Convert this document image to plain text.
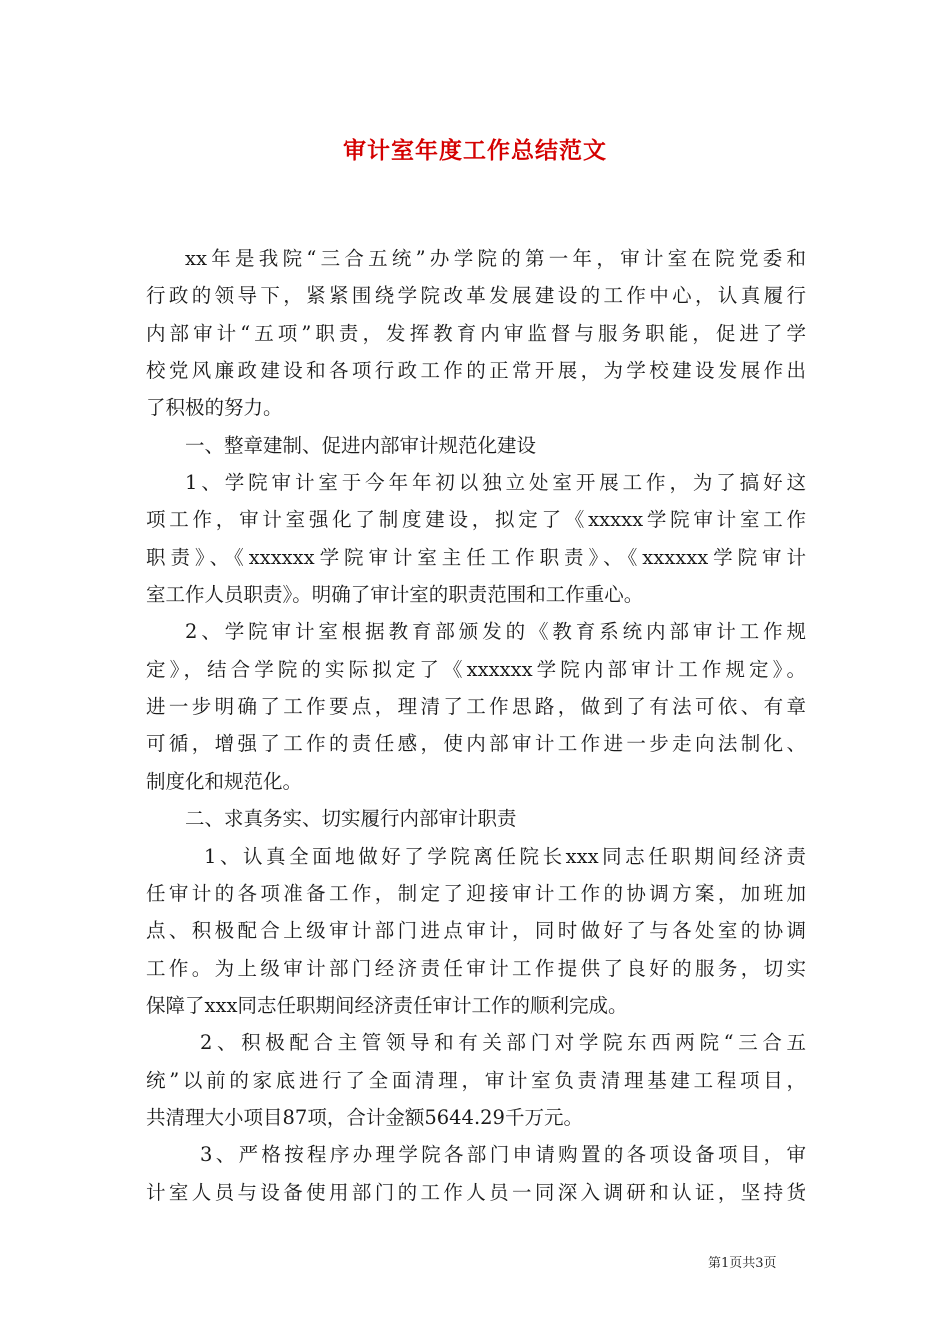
审计室年度工作总结范文
xx年是我院“三合五统”办学院的第一年，审计室在院党委和
行政的领导下，紧紧围绕学院改革发展建设的工作中心，认真履行
内部审计“五项”职责，发挥教育内审监督与服务职能，促进了学
校党风廉政建设和各项行政工作的正常开展，为学校建设发展作出
了积极的努力。
一、整章建制、促进内部审计规范化建设
1、学院审计室于今年年初以独立处室开展工作，为了搞好这
项工作，审计室强化了制度建设，拟定了《xxxxx学院审计室工作
职责》、《xxxxxx学院审计室主任工作职责》、《xxxxxx学院审计
室工作人员职责》。明确了审计室的职责范围和工作重心。
2、学院审计室根据教育部颁发的《教育系统内部审计工作规
定》，结合学院的实际拟定了《xxxxxx学院内部审计工作规定》。
进一步明确了工作要点，理清了工作思路，做到了有法可依、有章
可循，增强了工作的责任感，使内部审计工作进一步走向法制化、
制度化和规范化。
二、求真务实、切实履行内部审计职责
1、认真全面地做好了学院离任院长xxx同志任职期间经济责
任审计的各项准备工作，制定了迎接审计工作的协调方案，加班加
点、积极配合上级审计部门进点审计，同时做好了与各处室的协调
工作。为上级审计部门经济责任审计工作提供了良好的服务，切实
保障了xxx同志任职期间经济责任审计工作的顺利完成。
2、积极配合主管领导和有关部门对学院东西两院“三合五
统”以前的家底进行了全面清理，审计室负责清理基建工程项目，
共清理大小项目87项，合计金额5644.29千万元。
3、严格按程序办理学院各部门申请购置的各项设备项目，审
计室人员与设备使用部门的工作人员一同深入调研和认证，坚持货
第1页共3页
